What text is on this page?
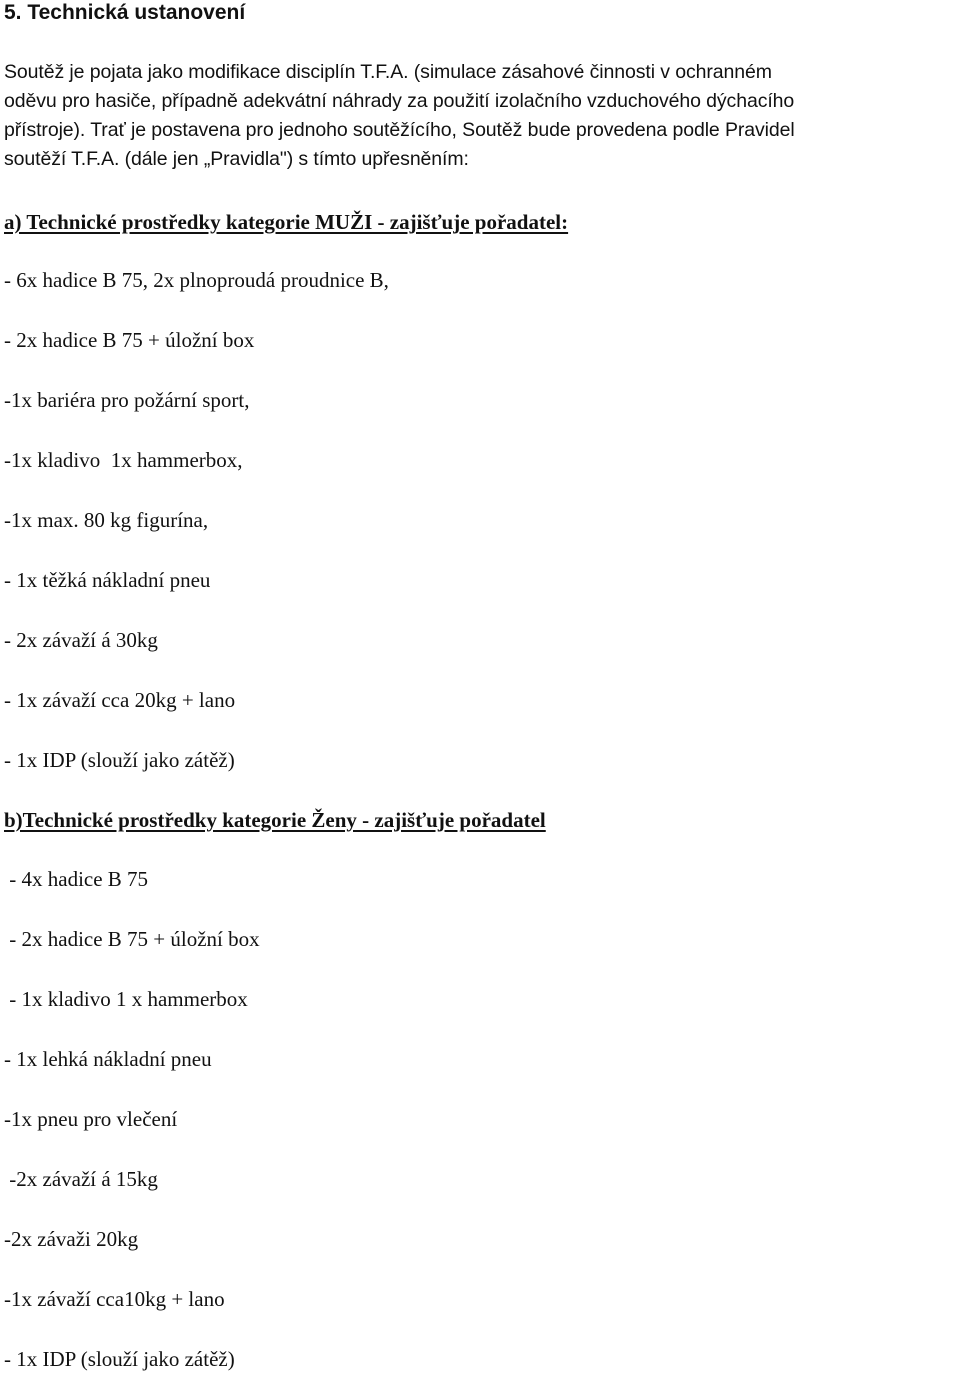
5. Technická ustanovení

Soutěž je pojata jako modifikace disciplín T.F.A. (simulace zásahové činnosti v ochranném
oděvu pro hasiče, případně adekvátní náhrady za použití izolačního vzduchového dýchacího
přístroje). Trať je postavena pro jednoho soutěžícího, Soutěž bude provedena podle Pravidel
soutěží T.F.A. (dále jen „Pravidla") s tímto upřesněním:

a) Technické prostředky kategorie MUŽI - zajišťuje pořadatel:

- 6x hadice B 75, 2x plnoproudá proudnice B,

- 2x hadice B 75 + úložní box

-1x bariéra pro požární sport,

-1x kladivo  1x hammerbox,

-1x max. 80 kg figurína,

- 1x těžká nákladní pneu

- 2x závaží á 30kg

- 1x závaží cca 20kg + lano

- 1x IDP (slouží jako zátěž)

b)Technické prostředky kategorie Ženy - zajišťuje pořadatel

- 4x hadice B 75

- 2x hadice B 75 + úložní box

- 1x kladivo 1 x hammerbox

- 1x lehká nákladní pneu

-1x pneu pro vlečení

-2x závaží á 15kg

-2x závaži 20kg

-1x závaží cca10kg + lano

- 1x IDP (slouží jako zátěž)
